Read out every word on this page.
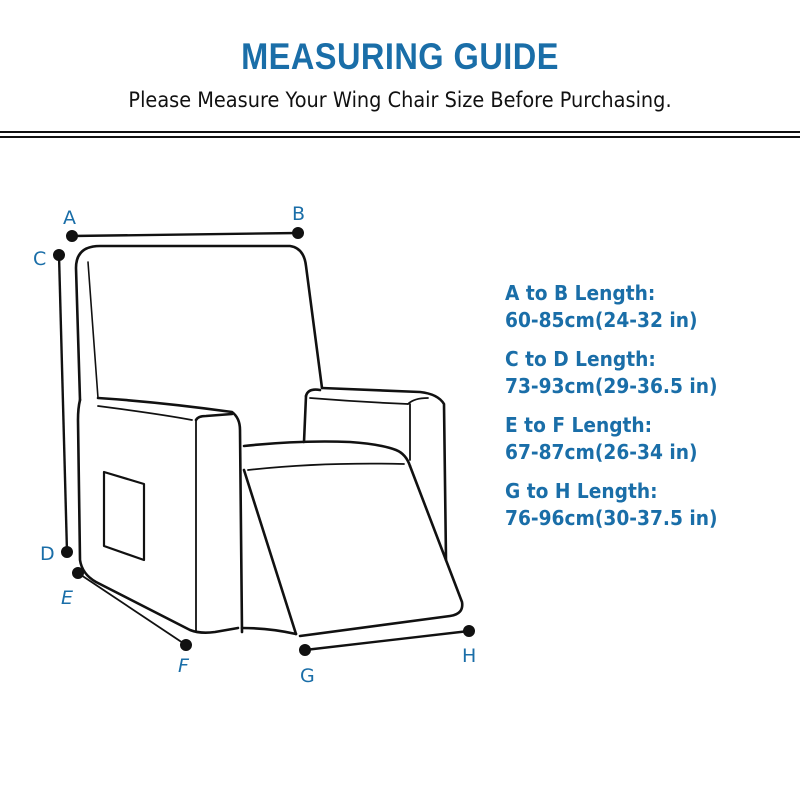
MEASURING GUIDE
Please Measure Your Wing Chair Size Before Purchasing.
A	B
C
D
E
F	G
H
A to B Length:
60-85cm(24-32 in)
C to D Length:
73-93cm(29-36.5 in)
E to F Length:
67-87cm(26-34 in)
G to H Length:
76-96cm(30-37.5 in)
